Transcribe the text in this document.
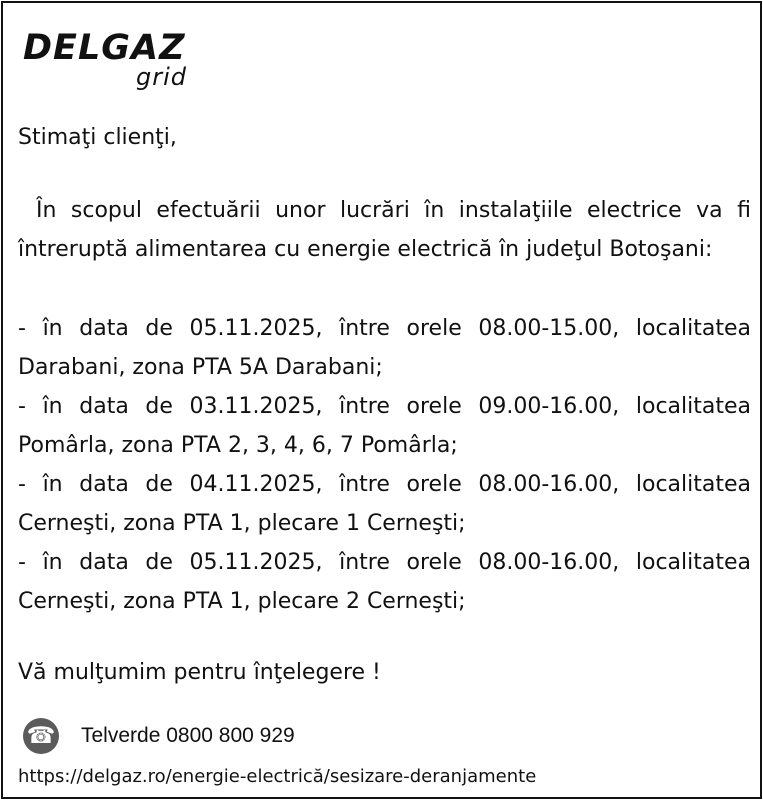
DELGAZ
grid
Stimaţi clienţi,
În scopul efectuării unor lucrări în instalaţiile electrice va fi întreruptă alimentarea cu energie electrică în judeţul Botoşani:
- în data de 05.11.2025, între orele 08.00-15.00, localitatea Darabani, zona PTA 5A Darabani;
- în data de 03.11.2025, între orele 09.00-16.00, localitatea Pomârla, zona PTA 2, 3, 4, 6, 7 Pomârla;
- în data de 04.11.2025, între orele 08.00-16.00, localitatea Cerneşti, zona PTA 1, plecare 1 Cerneşti;
- în data de 05.11.2025, între orele 08.00-16.00, localitatea Cerneşti, zona PTA 1, plecare 2 Cerneşti;
Vă mulţumim pentru înţelegere !
☎ Telverde 0800 800 929
https://delgaz.ro/energie-electrică/sesizare-deranjamente
